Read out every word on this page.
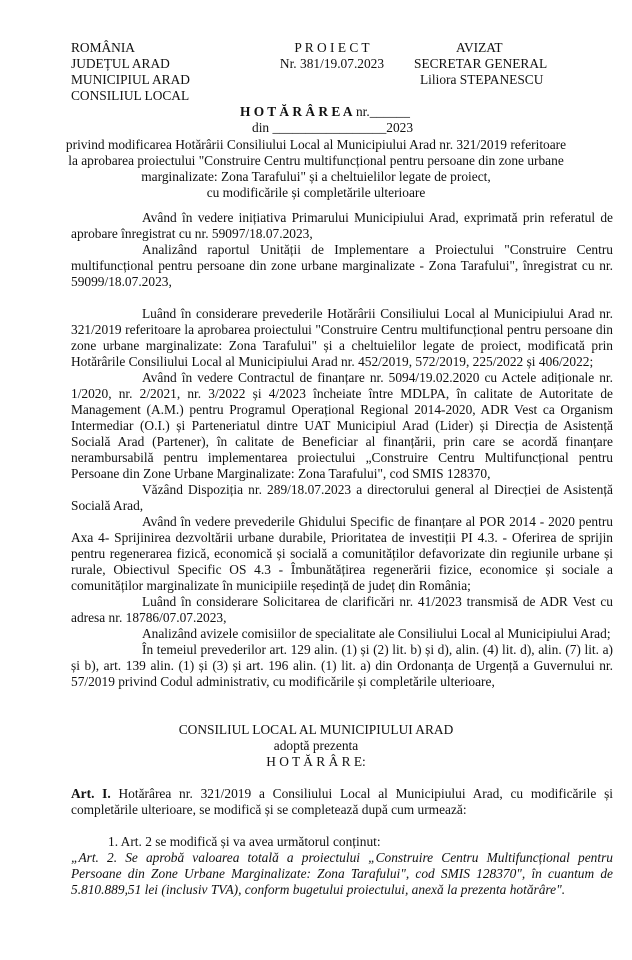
ROMÂNIA
JUDEȚUL ARAD
MUNICIPIUL ARAD
CONSILIUL LOCAL
P R O I E C T
Nr. 381/19.07.2023
AVIZAT
SECRETAR GENERAL
Liliora STEPANESCU
H O T Ă R Â R E A nr.______
din _________________2023
privind modificarea Hotărârii Consiliului Local al Municipiului Arad nr. 321/2019 referitoare
la aprobarea proiectului "Construire Centru multifuncțional pentru persoane din zone urbane
marginalizate: Zona Tarafului" și a cheltuielilor legate de proiect,
cu modificările și completările ulterioare
Având în vedere inițiativa Primarului Municipiului Arad, exprimată prin referatul de aprobare înregistrat cu nr. 59097/18.07.2023,
Analizând raportul Unității de Implementare a Proiectului "Construire Centru multifuncțional pentru persoane din zone urbane marginalizate - Zona Tarafului", înregistrat cu nr. 59099/18.07.2023,
Luând în considerare prevederile Hotărârii Consiliului Local al Municipiului Arad nr. 321/2019 referitoare la aprobarea proiectului "Construire Centru multifuncțional pentru persoane din zone urbane marginalizate: Zona Tarafului" și a cheltuielilor legate de proiect, modificată prin Hotărârile Consiliului Local al Municipiului Arad nr. 452/2019, 572/2019, 225/2022 și 406/2022;
Având în vedere Contractul de finanțare nr. 5094/19.02.2020 cu Actele adiționale nr. 1/2020, nr. 2/2021, nr. 3/2022 și 4/2023 încheiate între MDLPA, în calitate de Autoritate de Management (A.M.) pentru Programul Operațional Regional 2014-2020, ADR Vest ca Organism Intermediar (O.I.) și Parteneriatul dintre UAT Municipiul Arad (Lider) și Direcția de Asistență Socială Arad (Partener), în calitate de Beneficiar al finanțării, prin care se acordă finanțare nerambursabilă pentru implementarea proiectului „Construire Centru Multifuncțional pentru Persoane din Zone Urbane Marginalizate: Zona Tarafului", cod SMIS 128370,
Văzând Dispoziția nr. 289/18.07.2023 a directorului general al Direcției de Asistență Socială Arad,
Având în vedere prevederile Ghidului Specific de finanțare al POR 2014 - 2020 pentru Axa 4- Sprijinirea dezvoltării urbane durabile, Prioritatea de investiții PI 4.3. - Oferirea de sprijin pentru regenerarea fizică, economică și socială a comunităților defavorizate din regiunile urbane și rurale, Obiectivul Specific OS 4.3 - Îmbunătățirea regenerării fizice, economice și sociale a comunităților marginalizate în municipiile reședință de județ din România;
Luând în considerare Solicitarea de clarificări nr. 41/2023 transmisă de ADR Vest cu adresa nr. 18786/07.07.2023,
Analizând avizele comisiilor de specialitate ale Consiliului Local al Municipiului Arad;
În temeiul prevederilor art. 129 alin. (1) și (2) lit. b) și d), alin. (4) lit. d), alin. (7) lit. a) și b), art. 139 alin. (1) și (3) și art. 196 alin. (1) lit. a) din Ordonanța de Urgență a Guvernului nr. 57/2019 privind Codul administrativ, cu modificările și completările ulterioare,
CONSILIUL LOCAL AL MUNICIPIULUI ARAD
adoptă prezenta
H O T Ă R Â R E:
Art. I. Hotărârea nr. 321/2019 a Consiliului Local al Municipiului Arad, cu modificările și completările ulterioare, se modifică și se completează după cum urmează:
1. Art. 2 se modifică și va avea următorul conținut:
„Art. 2. Se aprobă valoarea totală a proiectului „Construire Centru Multifuncțional pentru Persoane din Zone Urbane Marginalizate: Zona Tarafului", cod SMIS 128370", în cuantum de 5.810.889,51 lei (inclusiv TVA), conform bugetului proiectului, anexă la prezenta hotărâre".
